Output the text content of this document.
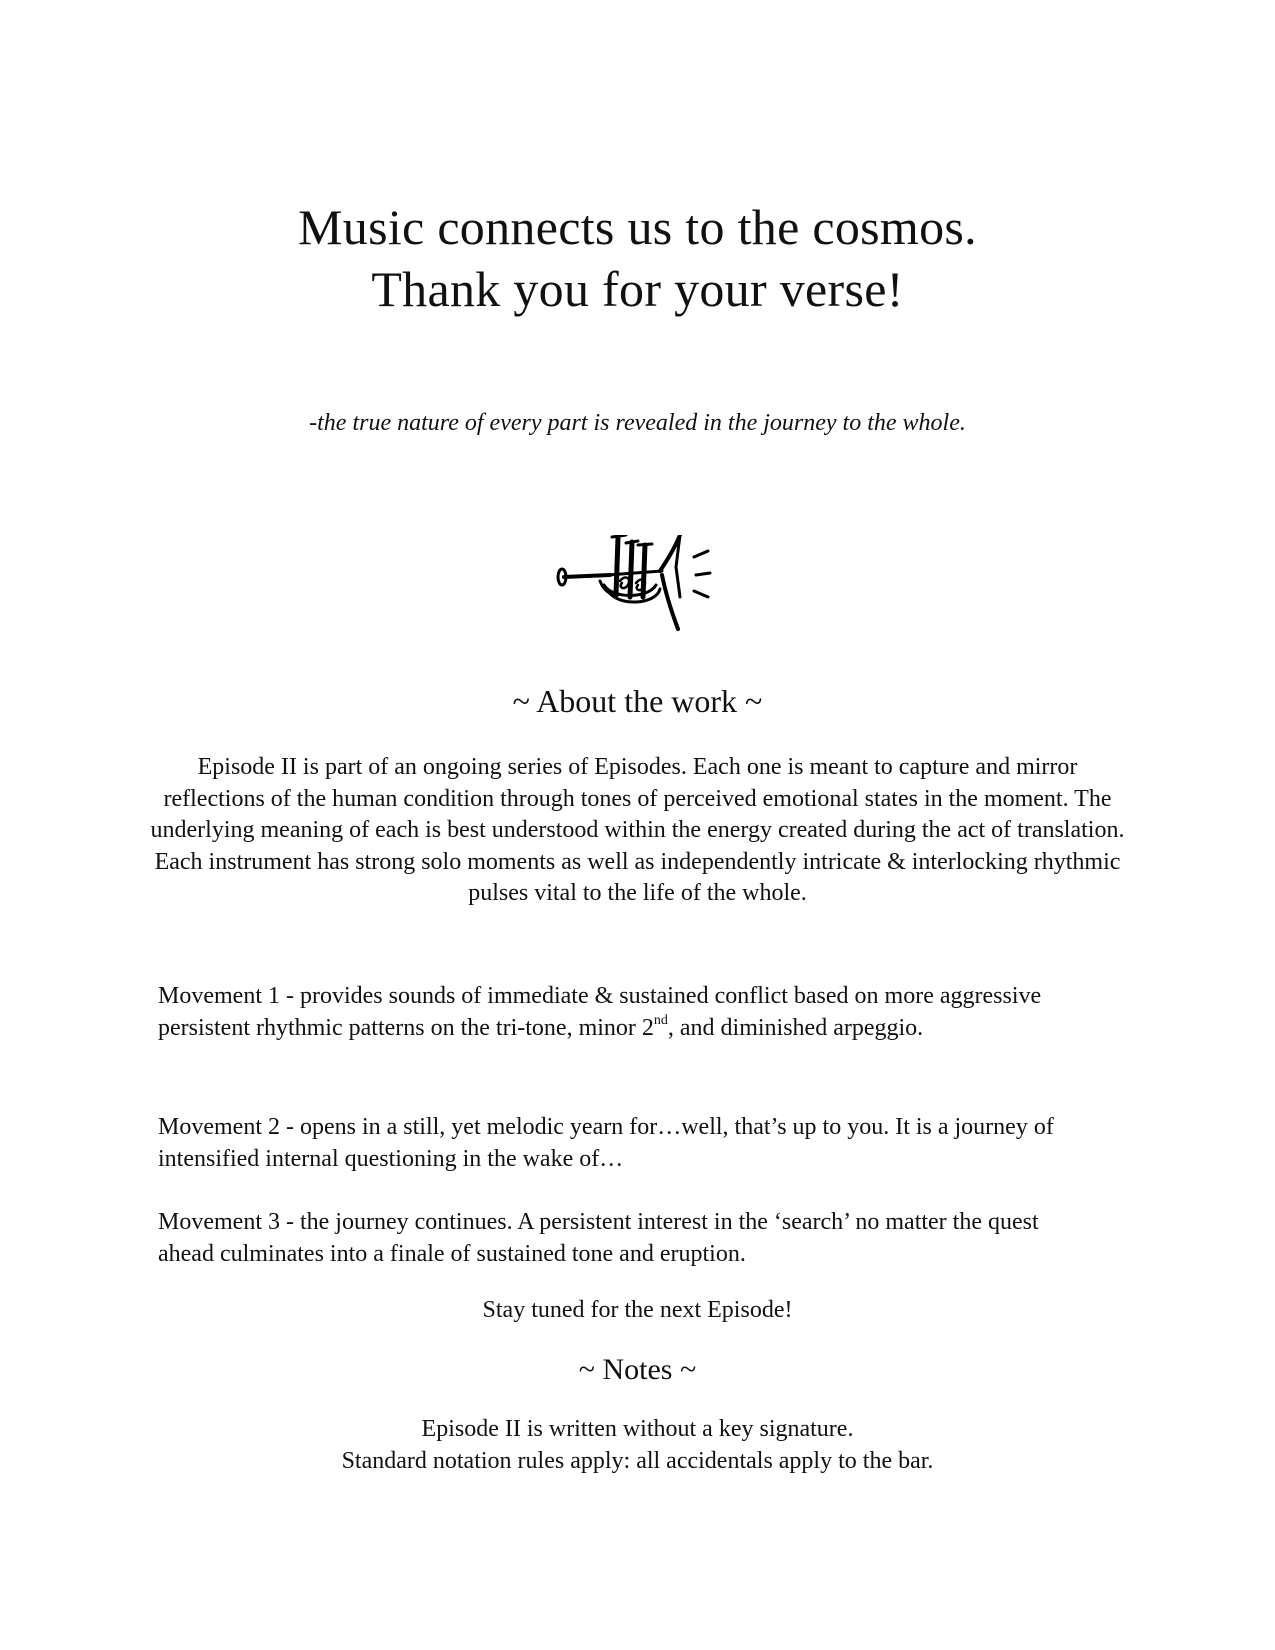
Music connects us to the cosmos.
Thank you for your verse!

-the true nature of every part is revealed in the journey to the whole.

~ About the work ~

Episode II is part of an ongoing series of Episodes. Each one is meant to capture and mirror reflections of the human condition through tones of perceived emotional states in the moment. The underlying meaning of each is best understood within the energy created during the act of translation. Each instrument has strong solo moments as well as independently intricate & interlocking rhythmic pulses vital to the life of the whole.

Movement 1 - provides sounds of immediate & sustained conflict based on more aggressive persistent rhythmic patterns on the tri-tone, minor 2nd, and diminished arpeggio.

Movement 2 - opens in a still, yet melodic yearn for…well, that’s up to you. It is a journey of intensified internal questioning in the wake of…

Movement 3 - the journey continues. A persistent interest in the ‘search’ no matter the quest ahead culminates into a finale of sustained tone and eruption.

Stay tuned for the next Episode!

~ Notes ~

Episode II is written without a key signature.
Standard notation rules apply: all accidentals apply to the bar.
